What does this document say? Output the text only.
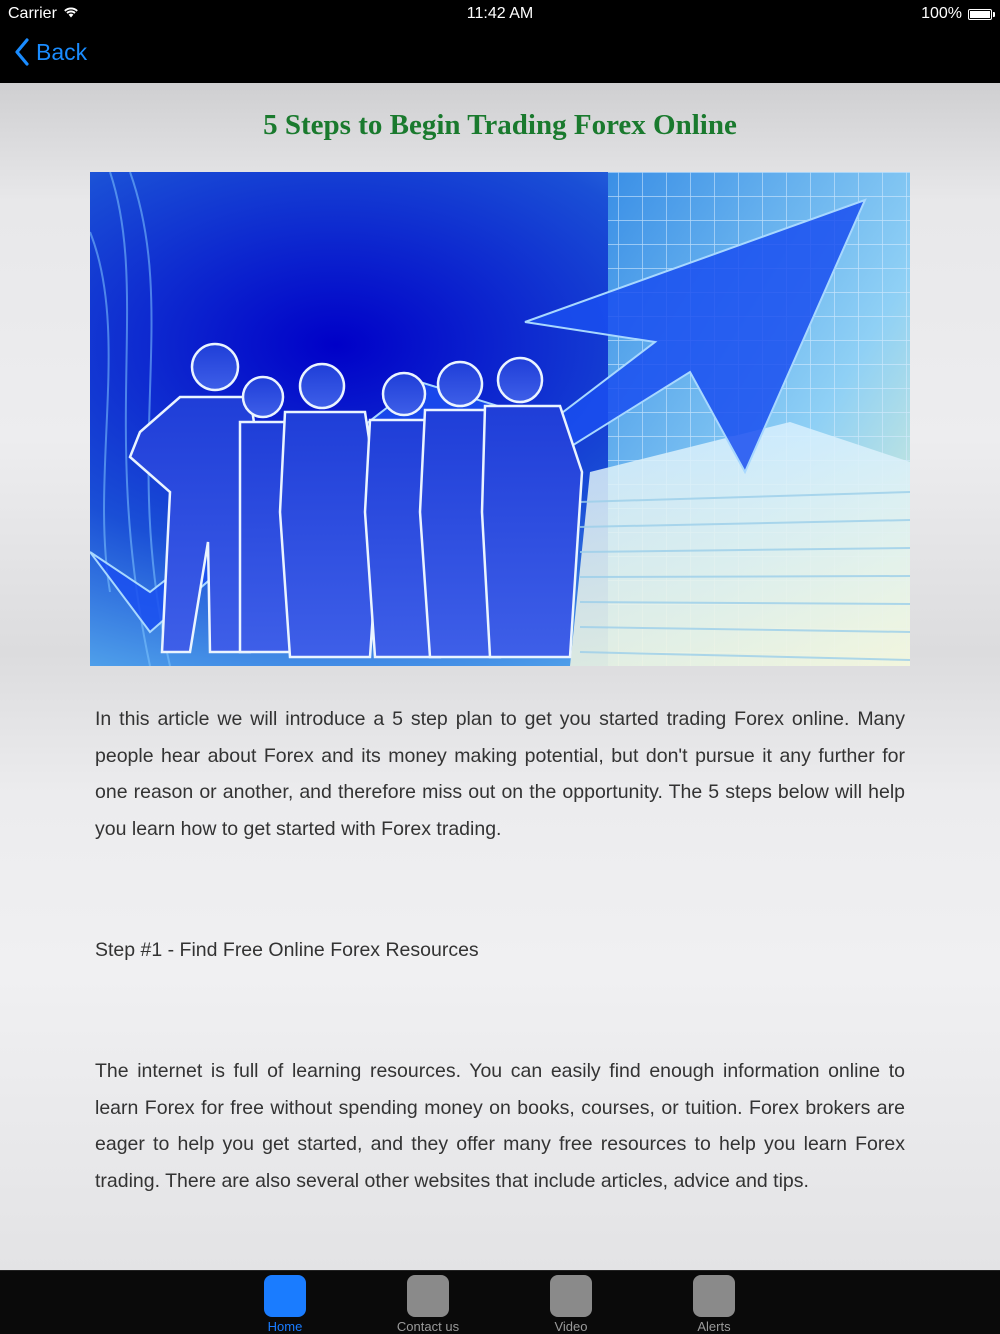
Carrier	11:42 AM	100%
Back
5 Steps to Begin Trading Forex Online

In this article we will introduce a 5 step plan to get you started trading Forex online. Many people hear about Forex and its money making potential, but don't pursue it any further for one reason or another, and therefore miss out on the opportunity. The 5 steps below will help you learn how to get started with Forex trading.

Step #1 - Find Free Online Forex Resources

The internet is full of learning resources. You can easily find enough information online to learn Forex for free without spending money on books, courses, or tuition. Forex brokers are eager to help you get started, and they offer many free resources to help you learn Forex trading. There are also several other websites that include articles, advice and tips.

Home	Contact us	Video	Alerts
